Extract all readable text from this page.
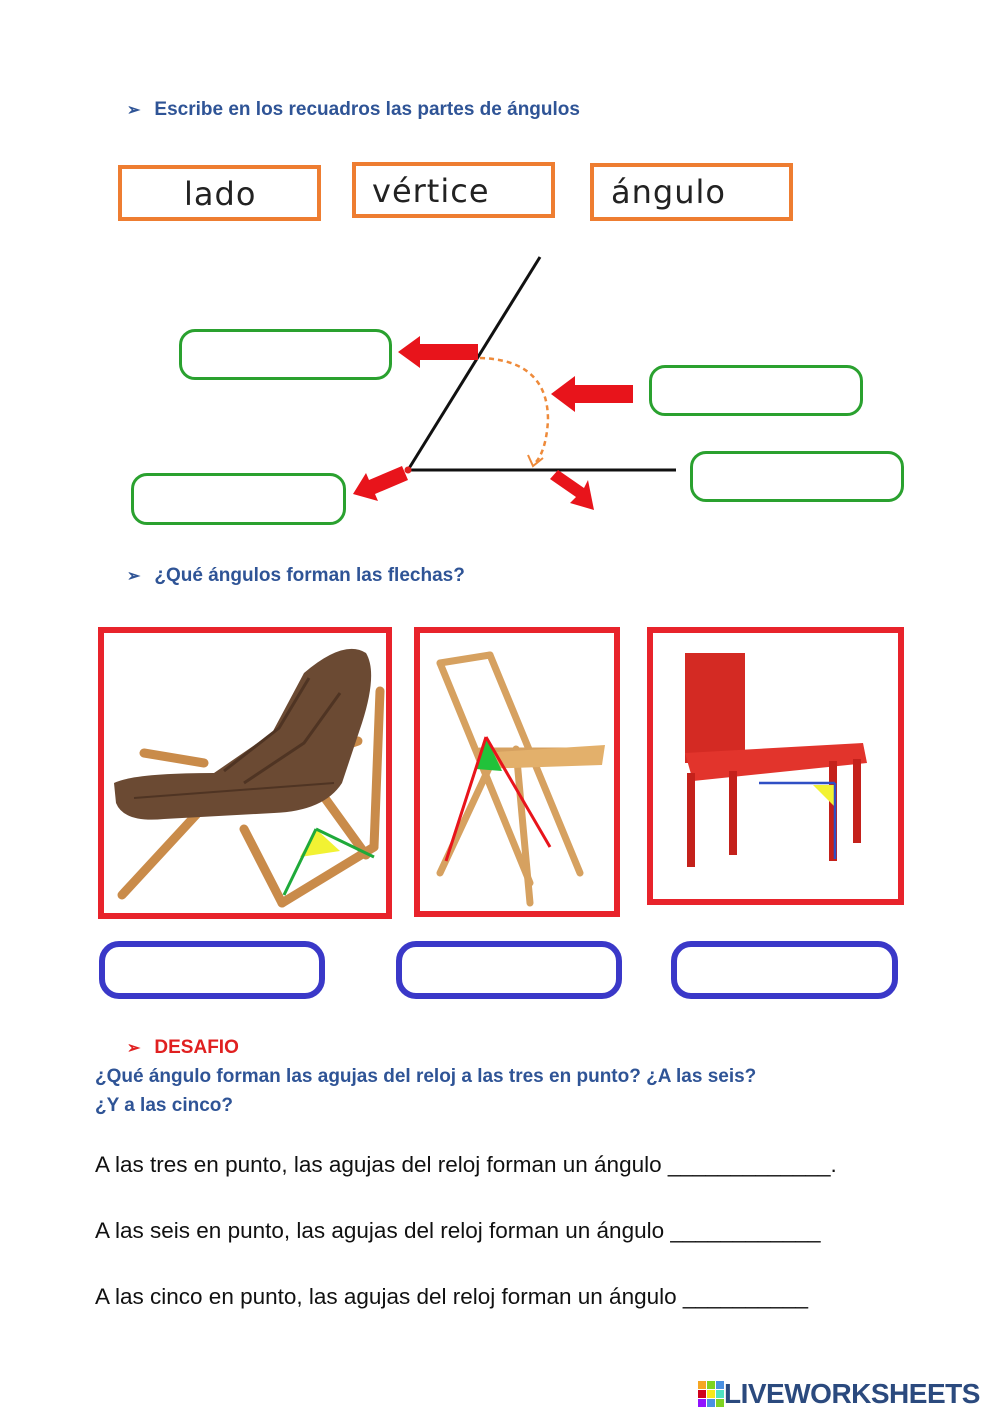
➢ Escribe en los recuadros las partes de ángulos
lado	vértice	ángulo
➢ ¿Qué ángulos forman las flechas?
➢ DESAFIO
¿Qué ángulo forman las agujas del reloj a las tres en punto? ¿A las seis?
¿Y a las cinco?
A las tres en punto, las agujas del reloj forman un ángulo _____________.
A las seis en punto, las agujas del reloj forman un ángulo ____________
A las cinco en punto, las agujas del reloj forman un ángulo __________
LIVEWORKSHEETS
